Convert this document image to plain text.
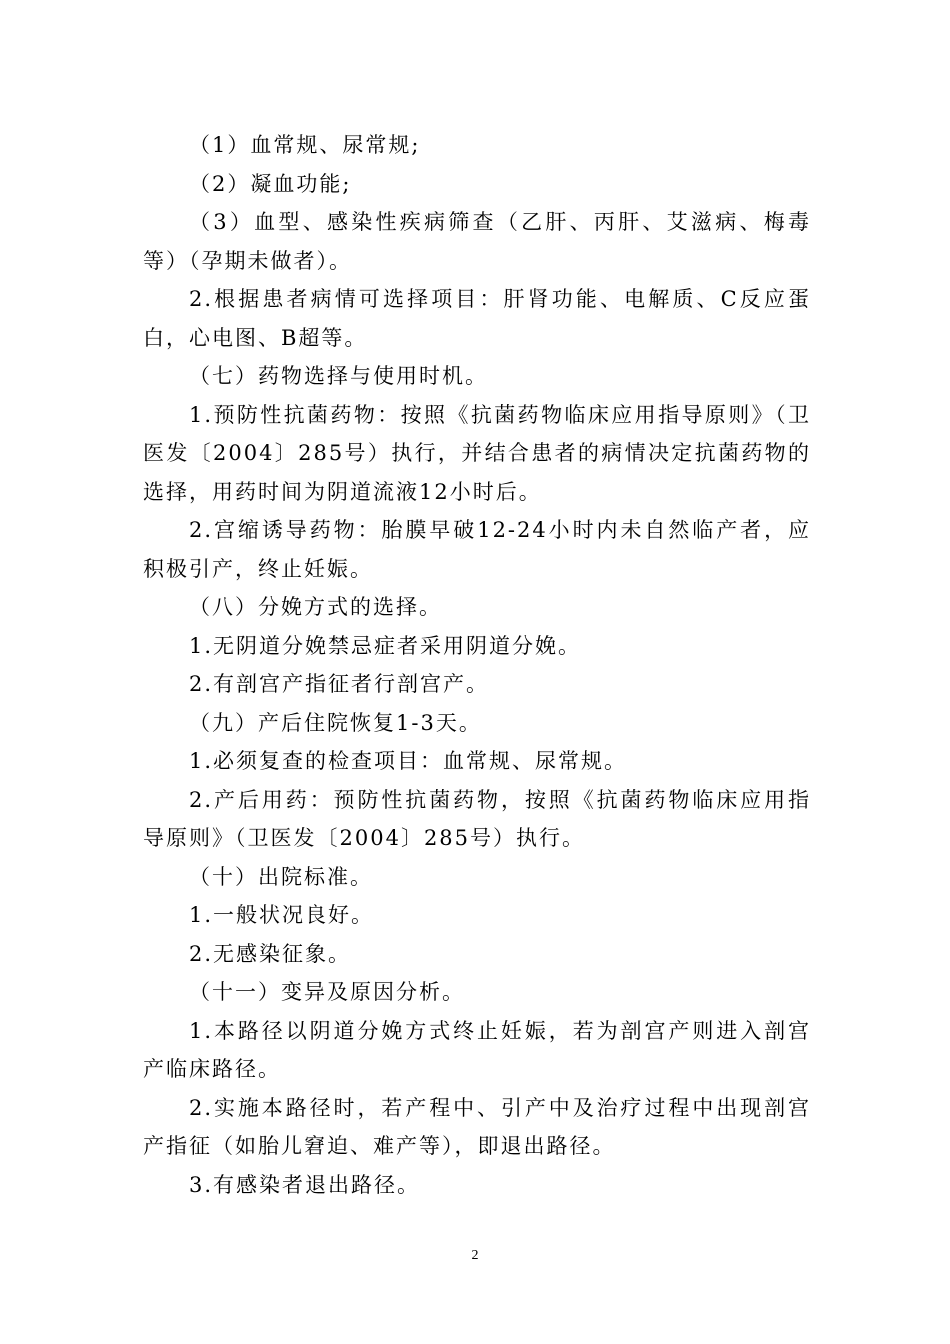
（1）血常规、尿常规;

（2）凝血功能;

（3）血型、感染性疾病筛查（乙肝、丙肝、艾滋病、梅毒等）（孕期未做者）。

2.根据患者病情可选择项目：肝肾功能、电解质、C反应蛋白，心电图、B超等。

（七）药物选择与使用时机。

1.预防性抗菌药物：按照《抗菌药物临床应用指导原则》（卫医发〔2004〕285号）执行，并结合患者的病情决定抗菌药物的选择，用药时间为阴道流液12小时后。

2.宫缩诱导药物：胎膜早破12-24小时内未自然临产者，应积极引产，终止妊娠。

（八）分娩方式的选择。

1.无阴道分娩禁忌症者采用阴道分娩。

2.有剖宫产指征者行剖宫产。

（九）产后住院恢复1-3天。

1.必须复查的检查项目：血常规、尿常规。

2.产后用药：预防性抗菌药物，按照《抗菌药物临床应用指导原则》（卫医发〔2004〕285号）执行。

（十）出院标准。

1.一般状况良好。

2.无感染征象。

（十一）变异及原因分析。

1.本路径以阴道分娩方式终止妊娠，若为剖宫产则进入剖宫产临床路径。

2.实施本路径时，若产程中、引产中及治疗过程中出现剖宫产指征（如胎儿窘迫、难产等），即退出路径。

3.有感染者退出路径。

2
